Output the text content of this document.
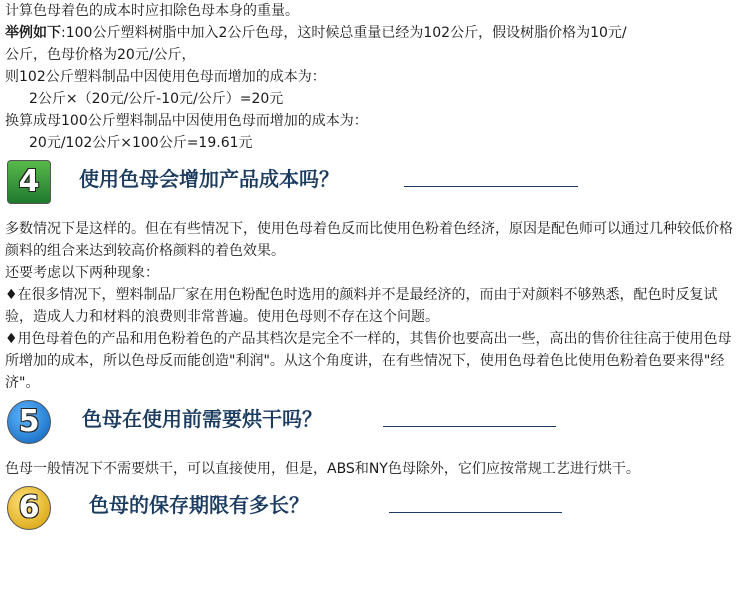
计算色母着色的成本时应扣除色母本身的重量。
举例如下:100公斤塑料树脂中加入2公斤色母，这时候总重量已经为102公斤，假设树脂价格为10元/
公斤，色母价格为20元/公斤，
则102公斤塑料制品中因使用色母而增加的成本为：
2公斤×（20元/公斤-10元/公斤）=20元
换算成母100公斤塑料制品中因使用色母而增加的成本为：
20元/102公斤×100公斤=19.61元
4 使用色母会增加产品成本吗？
多数情况下是这样的。但在有些情况下，使用色母着色反而比使用色粉着色经济，原因是配色师可以通过几种较低价格颜料的组合来达到较高价格颜料的着色效果。
还要考虑以下两种现象：
♦在很多情况下，塑料制品厂家在用色粉配色时选用的颜料并不是最经济的，而由于对颜料不够熟悉，配色时反复试验，造成人力和材料的浪费则非常普遍。使用色母则不存在这个问题。
♦用色母着色的产品和用色粉着色的产品其档次是完全不一样的，其售价也要高出一些，高出的售价往往高于使用色母所增加的成本，所以色母反而能创造"利润"。从这个角度讲，在有些情况下，使用色母着色比使用色粉着色要来得"经济"。
5 色母在使用前需要烘干吗？
色母一般情况下不需要烘干，可以直接使用，但是，ABS和NY色母除外，它们应按常规工艺进行烘干。
6 色母的保存期限有多长？
